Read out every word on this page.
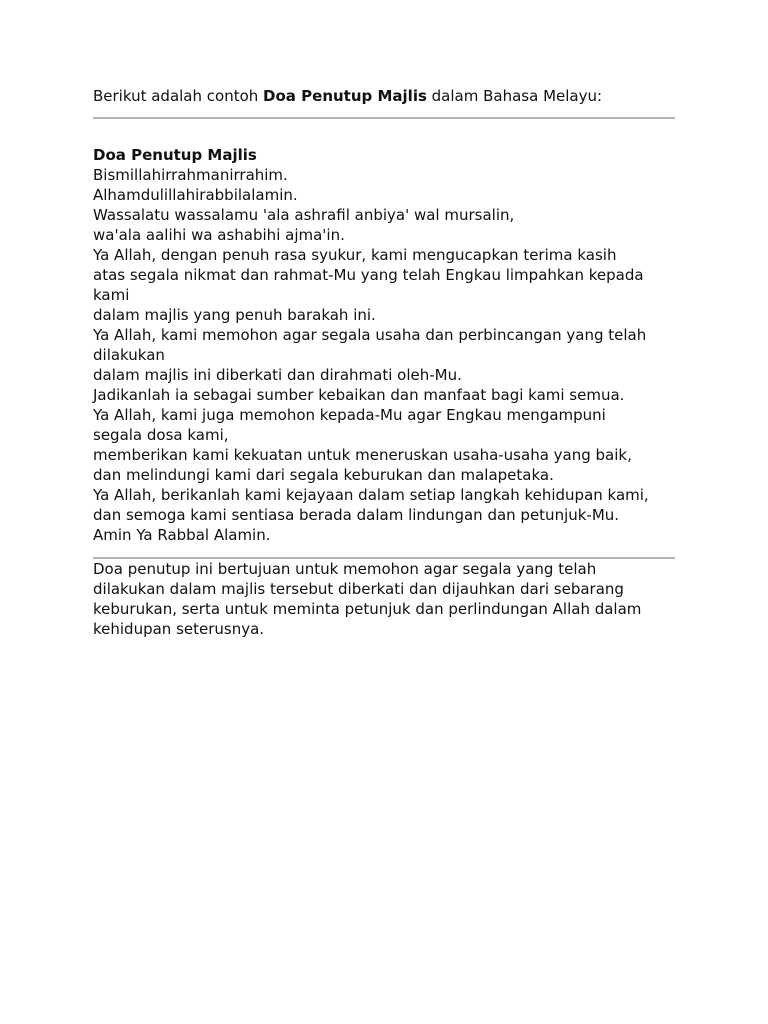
Berikut adalah contoh Doa Penutup Majlis dalam Bahasa Melayu:

Doa Penutup Majlis

Bismillahirrahmanirrahim.

Alhamdulillahirabbilalamin.
Wassalatu wassalamu 'ala ashrafil anbiya' wal mursalin,
wa'ala aalihi wa ashabihi ajma'in.

Ya Allah, dengan penuh rasa syukur, kami mengucapkan terima kasih
atas segala nikmat dan rahmat-Mu yang telah Engkau limpahkan kepada
kami
dalam majlis yang penuh barakah ini.

Ya Allah, kami memohon agar segala usaha dan perbincangan yang telah
dilakukan
dalam majlis ini diberkati dan dirahmati oleh-Mu.
Jadikanlah ia sebagai sumber kebaikan dan manfaat bagi kami semua.

Ya Allah, kami juga memohon kepada-Mu agar Engkau mengampuni
segala dosa kami,
memberikan kami kekuatan untuk meneruskan usaha-usaha yang baik,
dan melindungi kami dari segala keburukan dan malapetaka.

Ya Allah, berikanlah kami kejayaan dalam setiap langkah kehidupan kami,
dan semoga kami sentiasa berada dalam lindungan dan petunjuk-Mu.

Amin Ya Rabbal Alamin.

Doa penutup ini bertujuan untuk memohon agar segala yang telah
dilakukan dalam majlis tersebut diberkati dan dijauhkan dari sebarang
keburukan, serta untuk meminta petunjuk dan perlindungan Allah dalam
kehidupan seterusnya.
